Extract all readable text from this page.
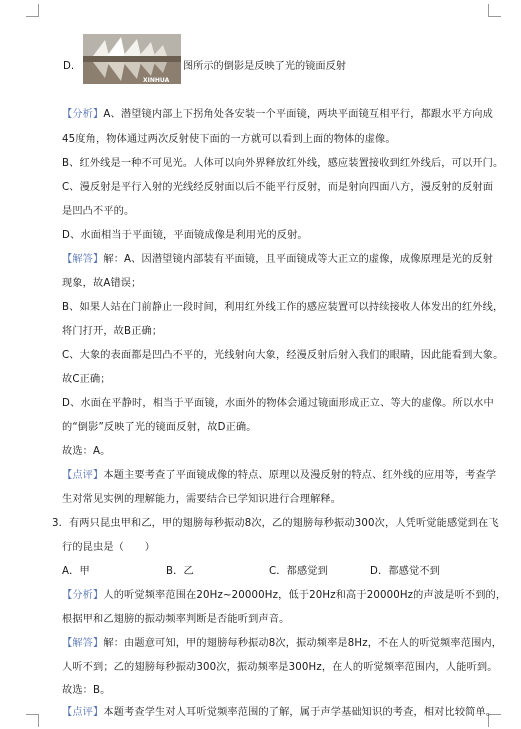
D.
XINHUA
图所示的倒影是反映了光的镜面反射
【分析】A、潜望镜内部上下拐角处各安装一个平面镜，两块平面镜互相平行，都跟水平方向成
45度角，物体通过两次反射使下面的一方就可以看到上面的物体的虚像。
B、红外线是一种不可见光。人体可以向外界释放红外线，感应装置接收到红外线后，可以开门。
C、漫反射是平行入射的光线经反射面以后不能平行反射，而是射向四面八方，漫反射的反射面
是凹凸不平的。
D、水面相当于平面镜，平面镜成像是利用光的反射。
【解答】解：A、因潜望镜内部装有平面镜，且平面镜成等大正立的虚像，成像原理是光的反射
现象，故A错误；
B、如果人站在门前静止一段时间，利用红外线工作的感应装置可以持续接收人体发出的红外线，
将门打开，故B正确；
C、大象的表面都是凹凸不平的，光线射向大象，经漫反射后射入我们的眼睛，因此能看到大象。
故C正确；
D、水面在平静时，相当于平面镜，水面外的物体会通过镜面形成正立、等大的虚像。所以水中
的“倒影”反映了光的镜面反射，故D正确。
故选：A。
【点评】本题主要考查了平面镜成像的特点、原理以及漫反射的特点、红外线的应用等，考查学
生对常见实例的理解能力，需要结合已学知识进行合理解释。
3．有两只昆虫甲和乙，甲的翅膀每秒振动8次，乙的翅膀每秒振动300次，人凭听觉能感觉到在飞
行的昆虫是（　　）
A．甲	B．乙	C．都感觉到	D．都感觉不到
【分析】人的听觉频率范围在20Hz~20000Hz，低于20Hz和高于20000Hz的声波是听不到的，
根据甲和乙翅膀的振动频率判断是否能听到声音。
【解答】解：由题意可知，甲的翅膀每秒振动8次，振动频率是8Hz，不在人的听觉频率范围内，
人听不到；乙的翅膀每秒振动300次，振动频率是300Hz，在人的听觉频率范围内，人能听到。
故选：B。
【点评】本题考查学生对人耳听觉频率范围的了解，属于声学基础知识的考查，相对比较简单。
